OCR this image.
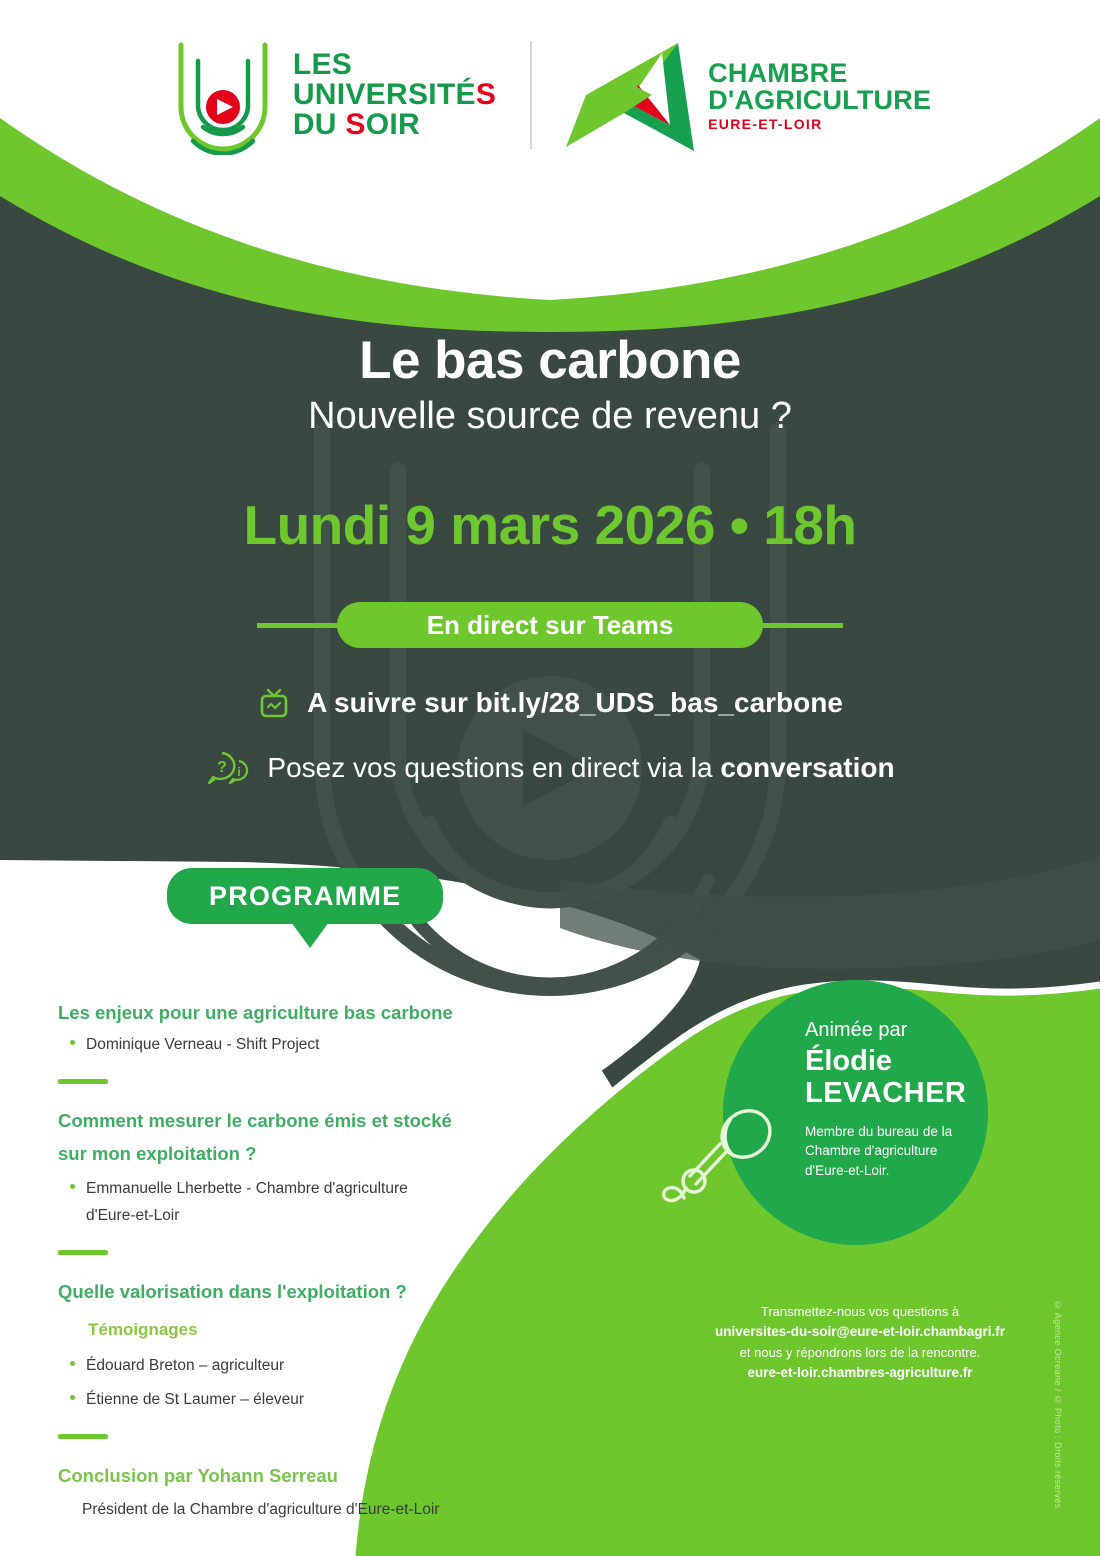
LES
UNIVERSITÉS
DU SOIR
CHAMBRE
D'AGRICULTURE
EURE-ET-LOIR
Le bas carbone
Nouvelle source de revenu ?
Lundi 9 mars 2026 • 18h
En direct sur Teams
A suivre sur bit.ly/28_UDS_bas_carbone
? i Posez vos questions en direct via la conversation
PROGRAMME
Les enjeux pour une agriculture bas carbone
Dominique Verneau - Shift Project
Comment mesurer le carbone émis et stocké
sur mon exploitation ?
Emmanuelle Lherbette - Chambre d'agriculture
d'Eure-et-Loir
Quelle valorisation dans l'exploitation ?
Témoignages
Édouard Breton – agriculteur
Étienne de St Laumer – éleveur
Conclusion par Yohann Serreau
Président de la Chambre d'agriculture d'Eure-et-Loir
Animée par
Élodie
LEVACHER
Membre du bureau de la
Chambre d'agriculture
d'Eure-et-Loir.
Transmettez-nous vos questions à
universites-du-soir@eure-et-loir.chambagri.fr
et nous y répondrons lors de la rencontre.
eure-et-loir.chambres-agriculture.fr	© Agence Ocreane / © Photo : Droits réservés
